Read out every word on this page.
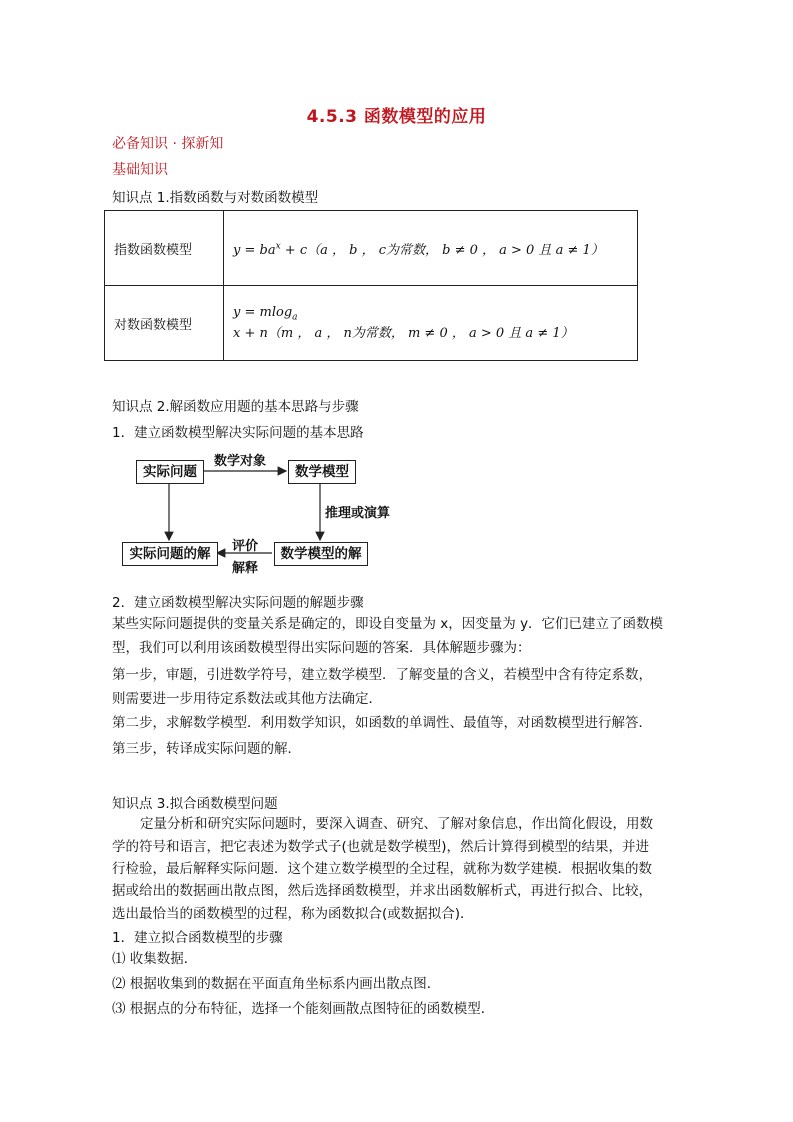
4.5.3 函数模型的应用
必备知识 · 探新知
基础知识
知识点 1.指数函数与对数函数模型
指数函数模型	$y = ba^x + c(a$ ， b ， c为常数， b ≠ 0 ， a > 0 且 a ≠ 1）
对数函数模型	y = mlog$_a$ x + n（m ， a ， n为常数， m ≠ 0 ， a > 0 且 a ≠ 1）
知识点 2.解函数应用题的基本思路与步骤
1．建立函数模型解决实际问题的基本思路
实际问题	数学模型
实际问题的解	数学模型的解
数学对象
推理或演算
评价
解释
2．建立函数模型解决实际问题的解题步骤
某些实际问题提供的变量关系是确定的，即设自变量为 x，因变量为 y．它们已建立了函数模
型，我们可以利用该函数模型得出实际问题的答案．具体解题步骤为：
第一步，审题，引进数学符号，建立数学模型．了解变量的含义，若模型中含有待定系数，
则需要进一步用待定系数法或其他方法确定．
第二步，求解数学模型．利用数学知识，如函数的单调性、最值等，对函数模型进行解答．
第三步，转译成实际问题的解．
知识点 3.拟合函数模型问题
定量分析和研究实际问题时，要深入调查、研究、了解对象信息，作出简化假设，用数
学的符号和语言，把它表述为数学式子(也就是数学模型)，然后计算得到模型的结果，并进
行检验，最后解释实际问题．这个建立数学模型的全过程，就称为数学建模．根据收集的数
据或给出的数据画出散点图，然后选择函数模型，并求出函数解析式，再进行拟合、比较，
选出最恰当的函数模型的过程，称为函数拟合(或数据拟合)．
1．建立拟合函数模型的步骤
⑴ 收集数据．
⑵ 根据收集到的数据在平面直角坐标系内画出散点图．
⑶ 根据点的分布特征，选择一个能刻画散点图特征的函数模型．
